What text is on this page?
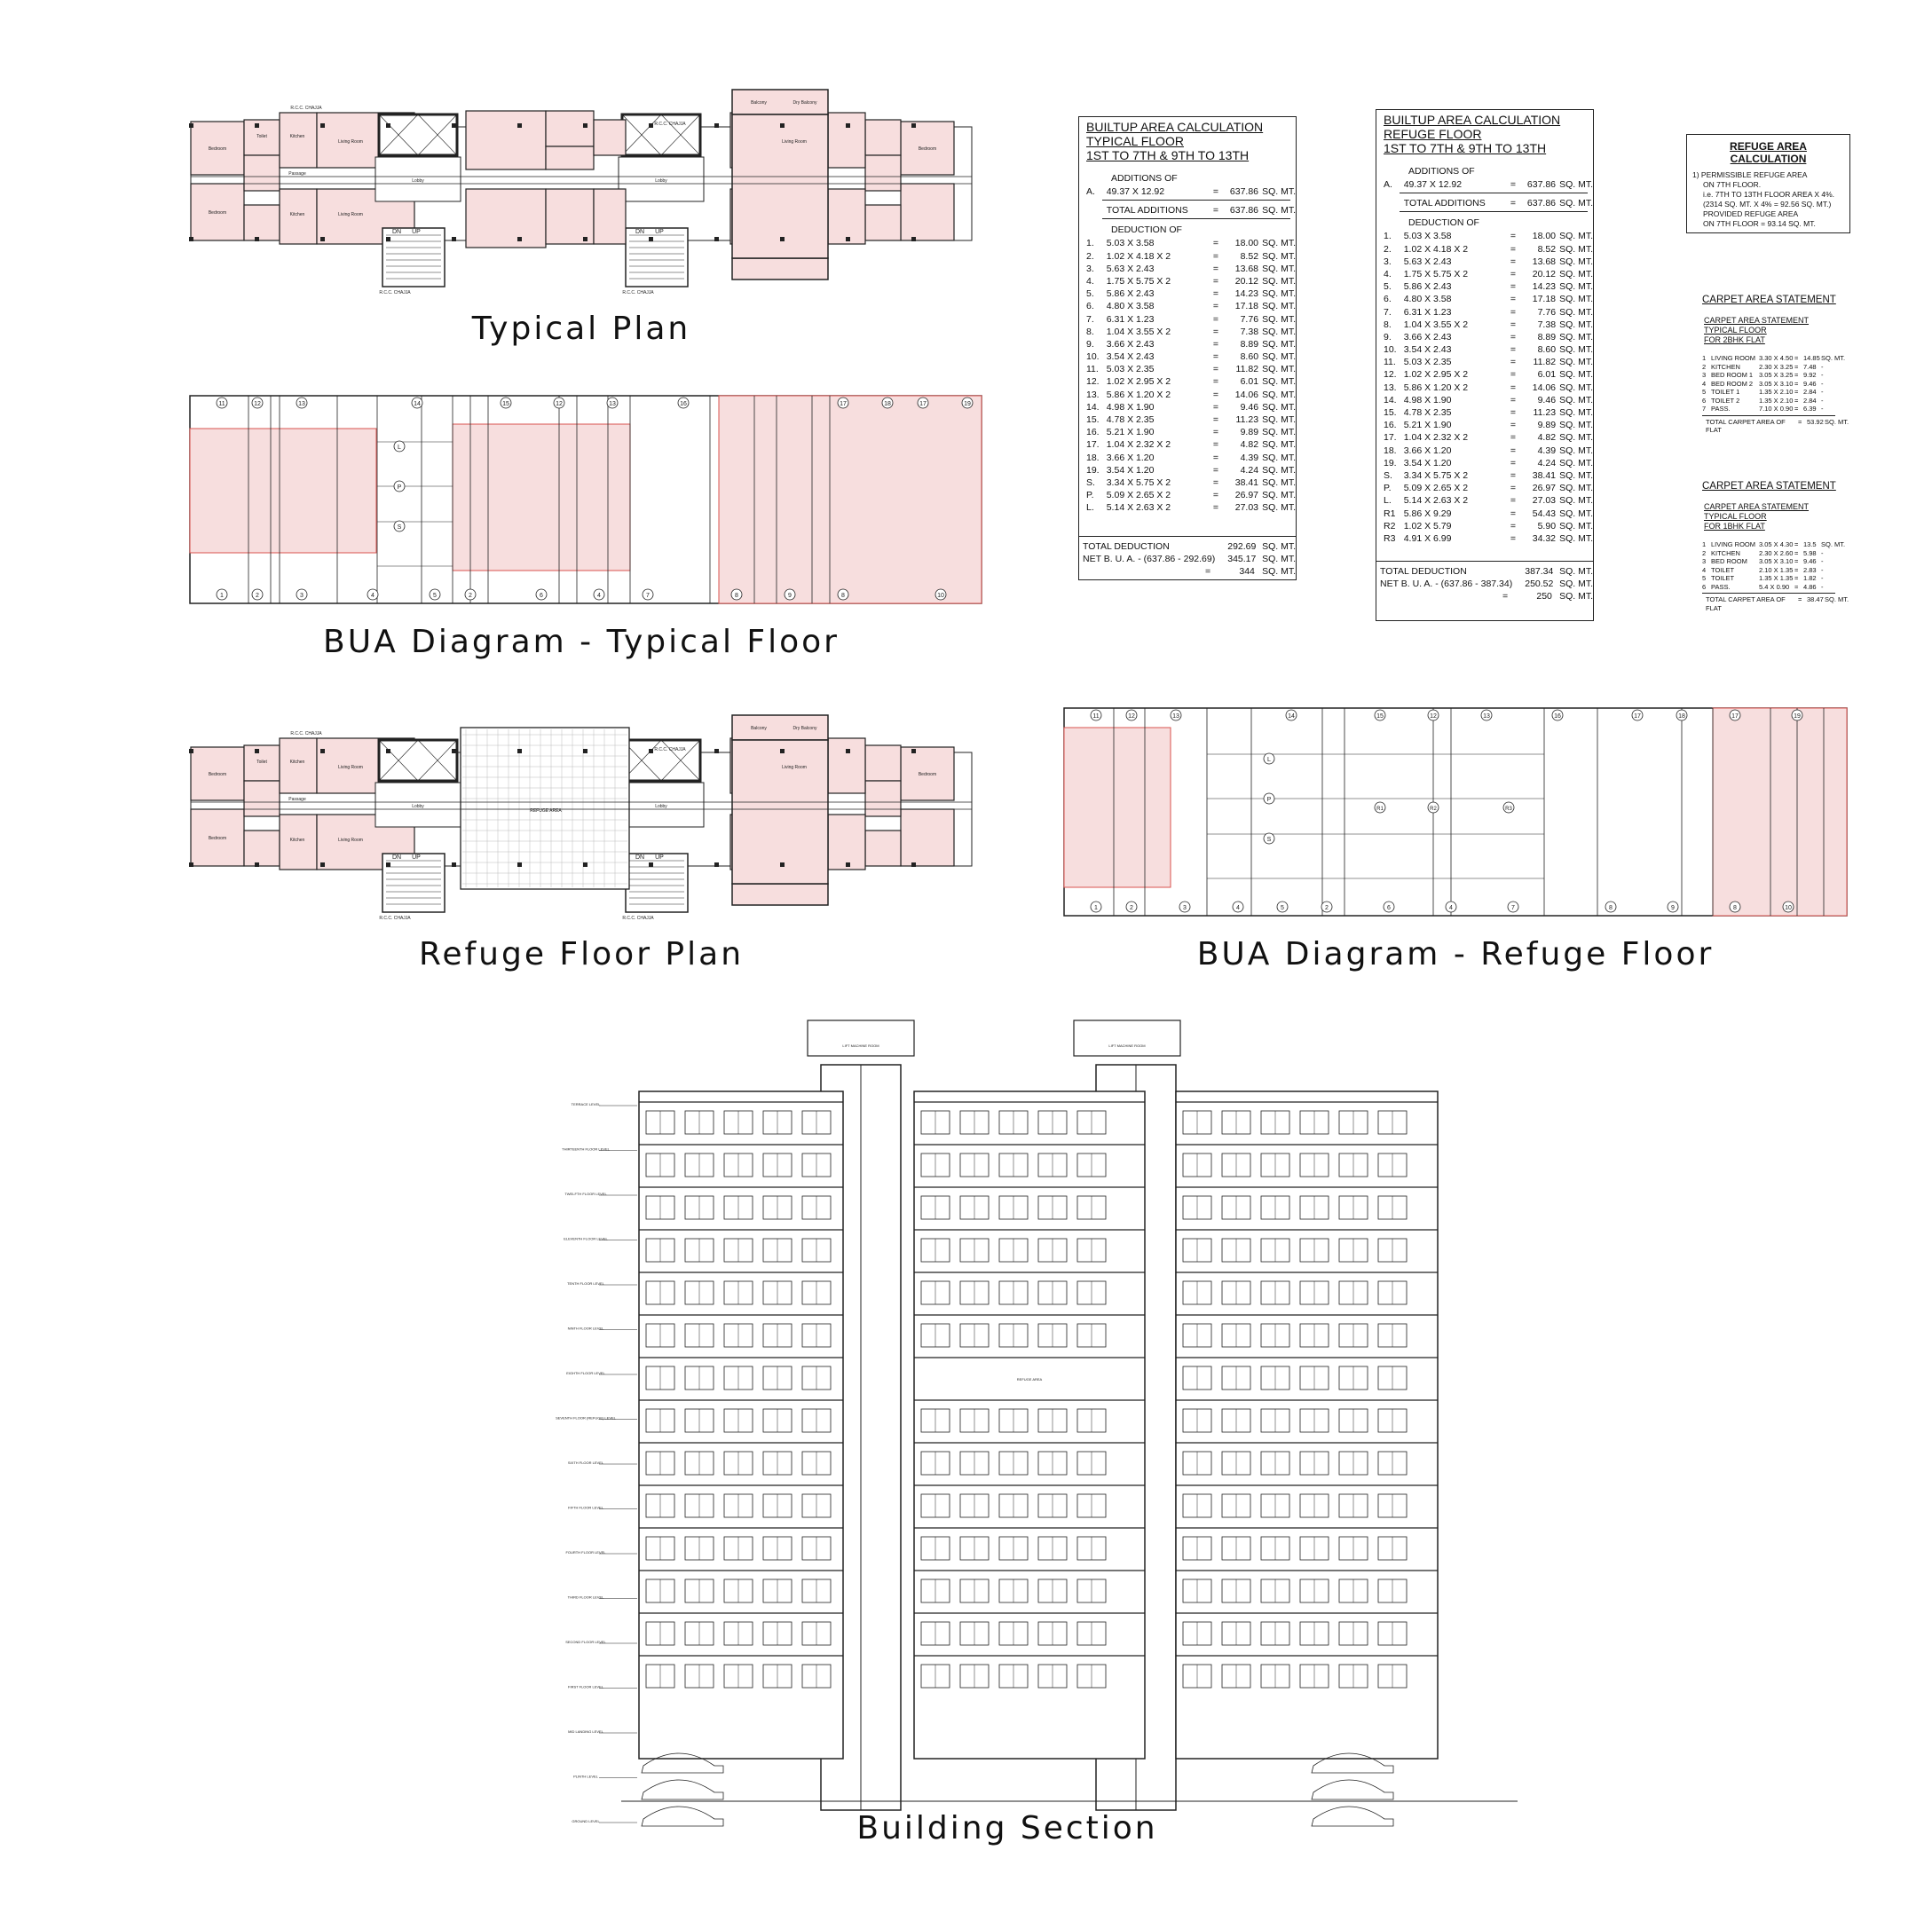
R.C.C. CHAJJA
R.C.C. CHAJJA
R.C.C. CHAJJA	R.C.C. CHAJJA
Living Room
Living Room
Living Room
Kitchen
Kitchen
Bedroom
Bedroom
Bedroom
Toilet
Passage
Lobby	Lobby
Balcony	Dry Balcony
DN UP	DN UP
Typical Plan
11	12	13	14	15	12	13	16	17	18	17	19
1	2	3	4	5	2	6	4	7	8	9	8	10
L
P
S
BUA Diagram - Typical Floor
REFUGE AREA
R.C.C. CHAJJA
R.C.C. CHAJJA
R.C.C. CHAJJA	R.C.C. CHAJJA
Living Room
Living Room
Living Room
Kitchen
Kitchen
Bedroom
Bedroom
Bedroom
Toilet
Passage
Lobby	Lobby
Balcony	Dry Balcony
DN UP	DN UP
Refuge Floor Plan
11	12	13	14	15	12	13	16	17	18	17	19
1	2	3	4	5	2	6	4	7	8	9	8	10
L
P
S
R1	R2	R3
BUA Diagram - Refuge Floor
BUILTUP AREA CALCULATION
TYPICAL FLOOR
1ST TO 7TH & 9TH TO 13TH
ADDITIONS OF
A.	49.37 X 12.92	=	637.86 SQ. MT.
TOTAL ADDITIONS	=	637.86 SQ. MT.
DEDUCTION OF
1.	5.03 X 3.58	=	18.00 SQ. MT.
2.	1.02 X 4.18 X 2	=	8.52 SQ. MT.
3.	5.63 X 2.43	=	13.68 SQ. MT.
4.	1.75 X 5.75 X 2	=	20.12 SQ. MT.
5.	5.86 X 2.43	=	14.23 SQ. MT.
6.	4.80 X 3.58	=	17.18 SQ. MT.
7.	6.31 X 1.23	=	7.76 SQ. MT.
8.	1.04 X 3.55 X 2	=	7.38 SQ. MT.
9.	3.66 X 2.43	=	8.89 SQ. MT.
10. 3.54 X 2.43	=	8.60 SQ. MT.
11. 5.03 X 2.35	=	11.82 SQ. MT.
12. 1.02 X 2.95 X 2	=	6.01 SQ. MT.
13. 5.86 X 1.20 X 2	=	14.06 SQ. MT.
14. 4.98 X 1.90	=	9.46 SQ. MT.
15. 4.78 X 2.35	=	11.23 SQ. MT.
16. 5.21 X 1.90	=	9.89 SQ. MT.
17. 1.04 X 2.32 X 2	=	4.82 SQ. MT.
18. 3.66 X 1.20	=	4.39 SQ. MT.
19. 3.54 X 1.20	=	4.24 SQ. MT.
S.	3.34 X 5.75 X 2	=	38.41 SQ. MT.
P.	5.09 X 2.65 X 2	=	26.97 SQ. MT.
L.	5.14 X 2.63 X 2	=	27.03 SQ. MT.
TOTAL DEDUCTION	292.69 SQ. MT.
NET B. U. A. - (637.86 - 292.69)	345.17 SQ. MT.
=	344 SQ. MT.
BUILTUP AREA CALCULATION
REFUGE FLOOR
1ST TO 7TH & 9TH TO 13TH
ADDITIONS OF
A.	49.37 X 12.92	=	637.86 SQ. MT.
TOTAL ADDITIONS	=	637.86 SQ. MT.
DEDUCTION OF
1.	5.03 X 3.58	=	18.00 SQ. MT.
2.	1.02 X 4.18 X 2	=	8.52 SQ. MT.
3.	5.63 X 2.43	=	13.68 SQ. MT.
4.	1.75 X 5.75 X 2	=	20.12 SQ. MT.
5.	5.86 X 2.43	=	14.23 SQ. MT.
6.	4.80 X 3.58	=	17.18 SQ. MT.
7.	6.31 X 1.23	=	7.76 SQ. MT.
8.	1.04 X 3.55 X 2	=	7.38 SQ. MT.
9.	3.66 X 2.43	=	8.89 SQ. MT.
10. 3.54 X 2.43	=	8.60 SQ. MT.
11. 5.03 X 2.35	=	11.82 SQ. MT.
12. 1.02 X 2.95 X 2	=	6.01 SQ. MT.
13. 5.86 X 1.20 X 2	=	14.06 SQ. MT.
14. 4.98 X 1.90	=	9.46 SQ. MT.
15. 4.78 X 2.35	=	11.23 SQ. MT.
16. 5.21 X 1.90	=	9.89 SQ. MT.
17. 1.04 X 2.32 X 2	=	4.82 SQ. MT.
18. 3.66 X 1.20	=	4.39 SQ. MT.
19. 3.54 X 1.20	=	4.24 SQ. MT.
S.	3.34 X 5.75 X 2	=	38.41 SQ. MT.
P.	5.09 X 2.65 X 2	=	26.97 SQ. MT.
L.	5.14 X 2.63 X 2	=	27.03 SQ. MT.
R1 5.86 X 9.29	=	54.43 SQ. MT.
R2 1.02 X 5.79	=	5.90 SQ. MT.
R3 4.91 X 6.99	=	34.32 SQ. MT.
TOTAL DEDUCTION	387.34 SQ. MT.
NET B. U. A. - (637.86 - 387.34)	250.52 SQ. MT.
=	250 SQ. MT.
REFUGE AREA CALCULATION
1) PERMISSIBLE REFUGE AREA
ON 7TH FLOOR.
i.e. 7TH TO 13TH FLOOR AREA X 4%.
(2314 SQ. MT. X 4% = 92.56 SQ. MT.)
PROVIDED REFUGE AREA
ON 7TH FLOOR = 93.14 SQ. MT.
CARPET AREA STATEMENT
CARPET AREA STATEMENT
TYPICAL FLOOR
FOR 2BHK FLAT
1 LIVING ROOM 3.30 X 4.50 = 14.85 SQ. MT.
2 KITCHEN	2.30 X 3.25 = 7.48 -
3 BED ROOM 1 3.05 X 3.25 = 9.92 -
4 BED ROOM 2 3.05 X 3.10 = 9.46 -
5 TOILET 1	1.35 X 2.10 = 2.84 -
6 TOILET 2	1.35 X 2.10 = 2.84 -
7 PASS.	7.10 X 0.90 = 6.39 -
TOTAL CARPET AREA OF FLAT
= 53.92 SQ. MT.
CARPET AREA STATEMENT
CARPET AREA STATEMENT
TYPICAL FLOOR
FOR 1BHK FLAT
1 LIVING ROOM 3.05 X 4.30 = 13.5 SQ. MT.
2 KITCHEN	2.30 X 2.60 = 5.98 -
3 BED ROOM	3.05 X 3.10 = 9.46 -
4 TOILET	2.10 X 1.35 = 2.83 -
5 TOILET	1.35 X 1.35 = 1.82 -
6 PASS.	5.4 X 0.90 = 4.86 -
TOTAL CARPET AREA OF FLAT
= 38.47 SQ. MT.
LIFT MACHINE ROOM	LIFT MACHINE ROOM
REFUGE AREA
TERRACE LEVEL
THIRTEENTH FLOOR LEVEL
TWELFTH FLOOR LEVEL
ELEVENTH FLOOR LEVEL
TENTH FLOOR LEVEL
NINTH FLOOR LEVEL
EIGHTH FLOOR LEVEL
SEVENTH FLOOR (REFUGE) LEVEL
SIXTH FLOOR LEVEL
FIFTH FLOOR LEVEL
FOURTH FLOOR LEVEL
THIRD FLOOR LEVEL
SECOND FLOOR LEVEL
FIRST FLOOR LEVEL
MID LANDING LEVEL
PLINTH LEVEL
GROUND LEVEL	Building Section
